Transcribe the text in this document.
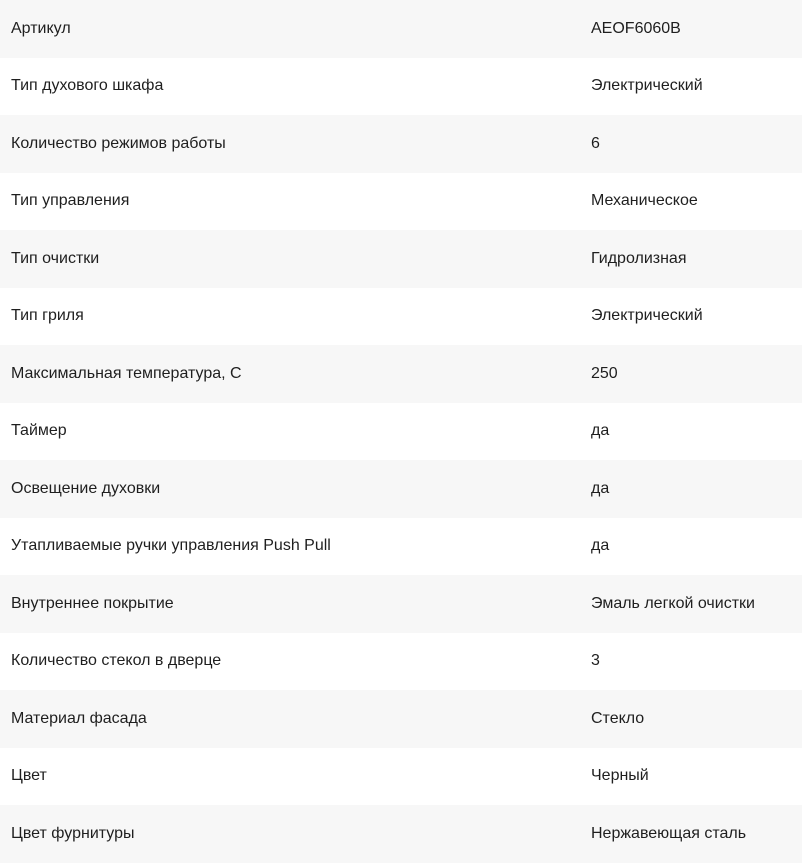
Артикул	AEOF6060B
Тип духового шкафа	Электрический
Количество режимов работы	6
Тип управления	Механическое
Тип очистки	Гидролизная
Тип гриля	Электрический
Максимальная температура, С	250
Таймер	да
Освещение духовки	да
Утапливаемые ручки управления Push Pull	да
Внутреннее покрытие	Эмаль легкой очистки
Количество стекол в дверце	3
Материал фасада	Стекло
Цвет	Черный
Цвет фурнитуры	Нержавеющая сталь
